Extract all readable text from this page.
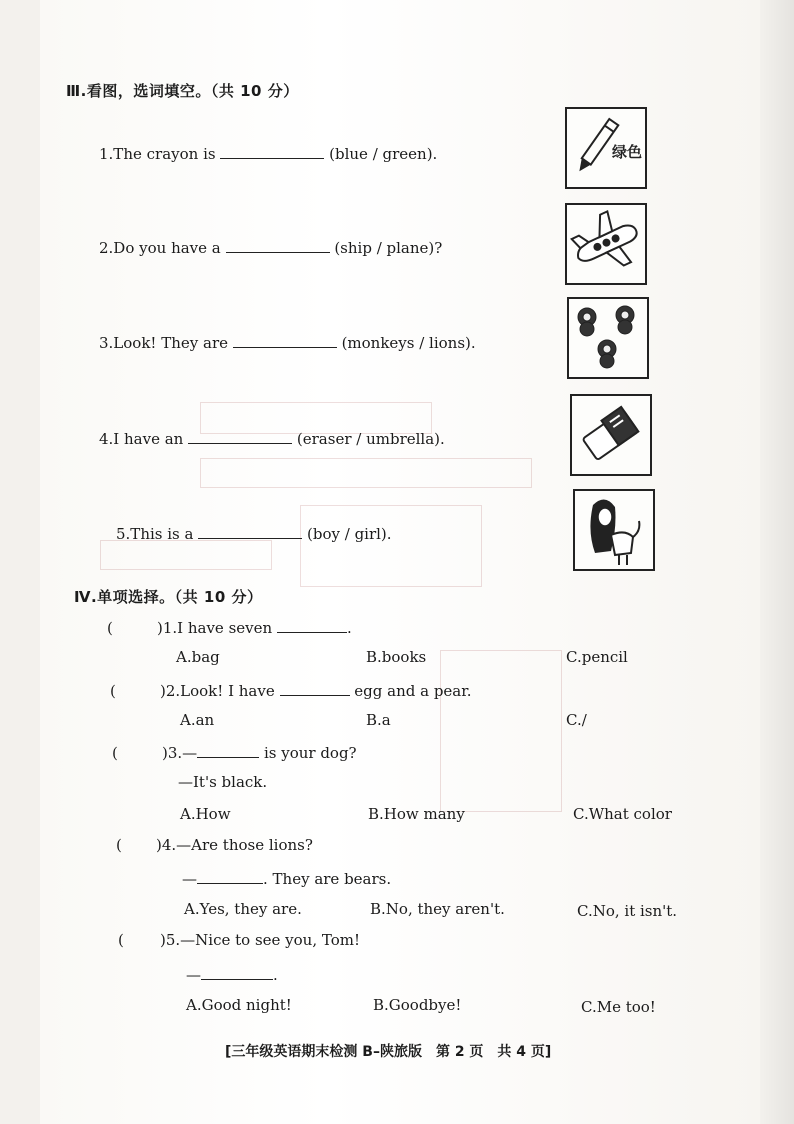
Ⅲ.看图，选词填空。（共 10 分）
1.The crayon is	(blue / green).
2.Do you have a	(ship / plane)?
3.Look! They are	(monkeys / lions).
4.I have an	(eraser / umbrella).
5.This is a	(boy / girl).
绿色
Ⅳ.单项选择。（共 10 分）
(	)1.I have seven	.
A.bag	B.books	C.pencil
(	)2.Look! I have	egg and a pear.
A.an	B.a	C./
(	)3.—	is your dog?
—It's black.
A.How	B.How many	C.What color
( )4.—Are those lions?
—	. They are bears.
A.Yes, they are.	B.No, they aren't.	C.No, it isn't.
( )5.—Nice to see you, Tom!
—	.
A.Good night!	B.Goodbye!	C.Me too!
[三年级英语期末检测 B–陕旅版　第 2 页　共 4 页]
